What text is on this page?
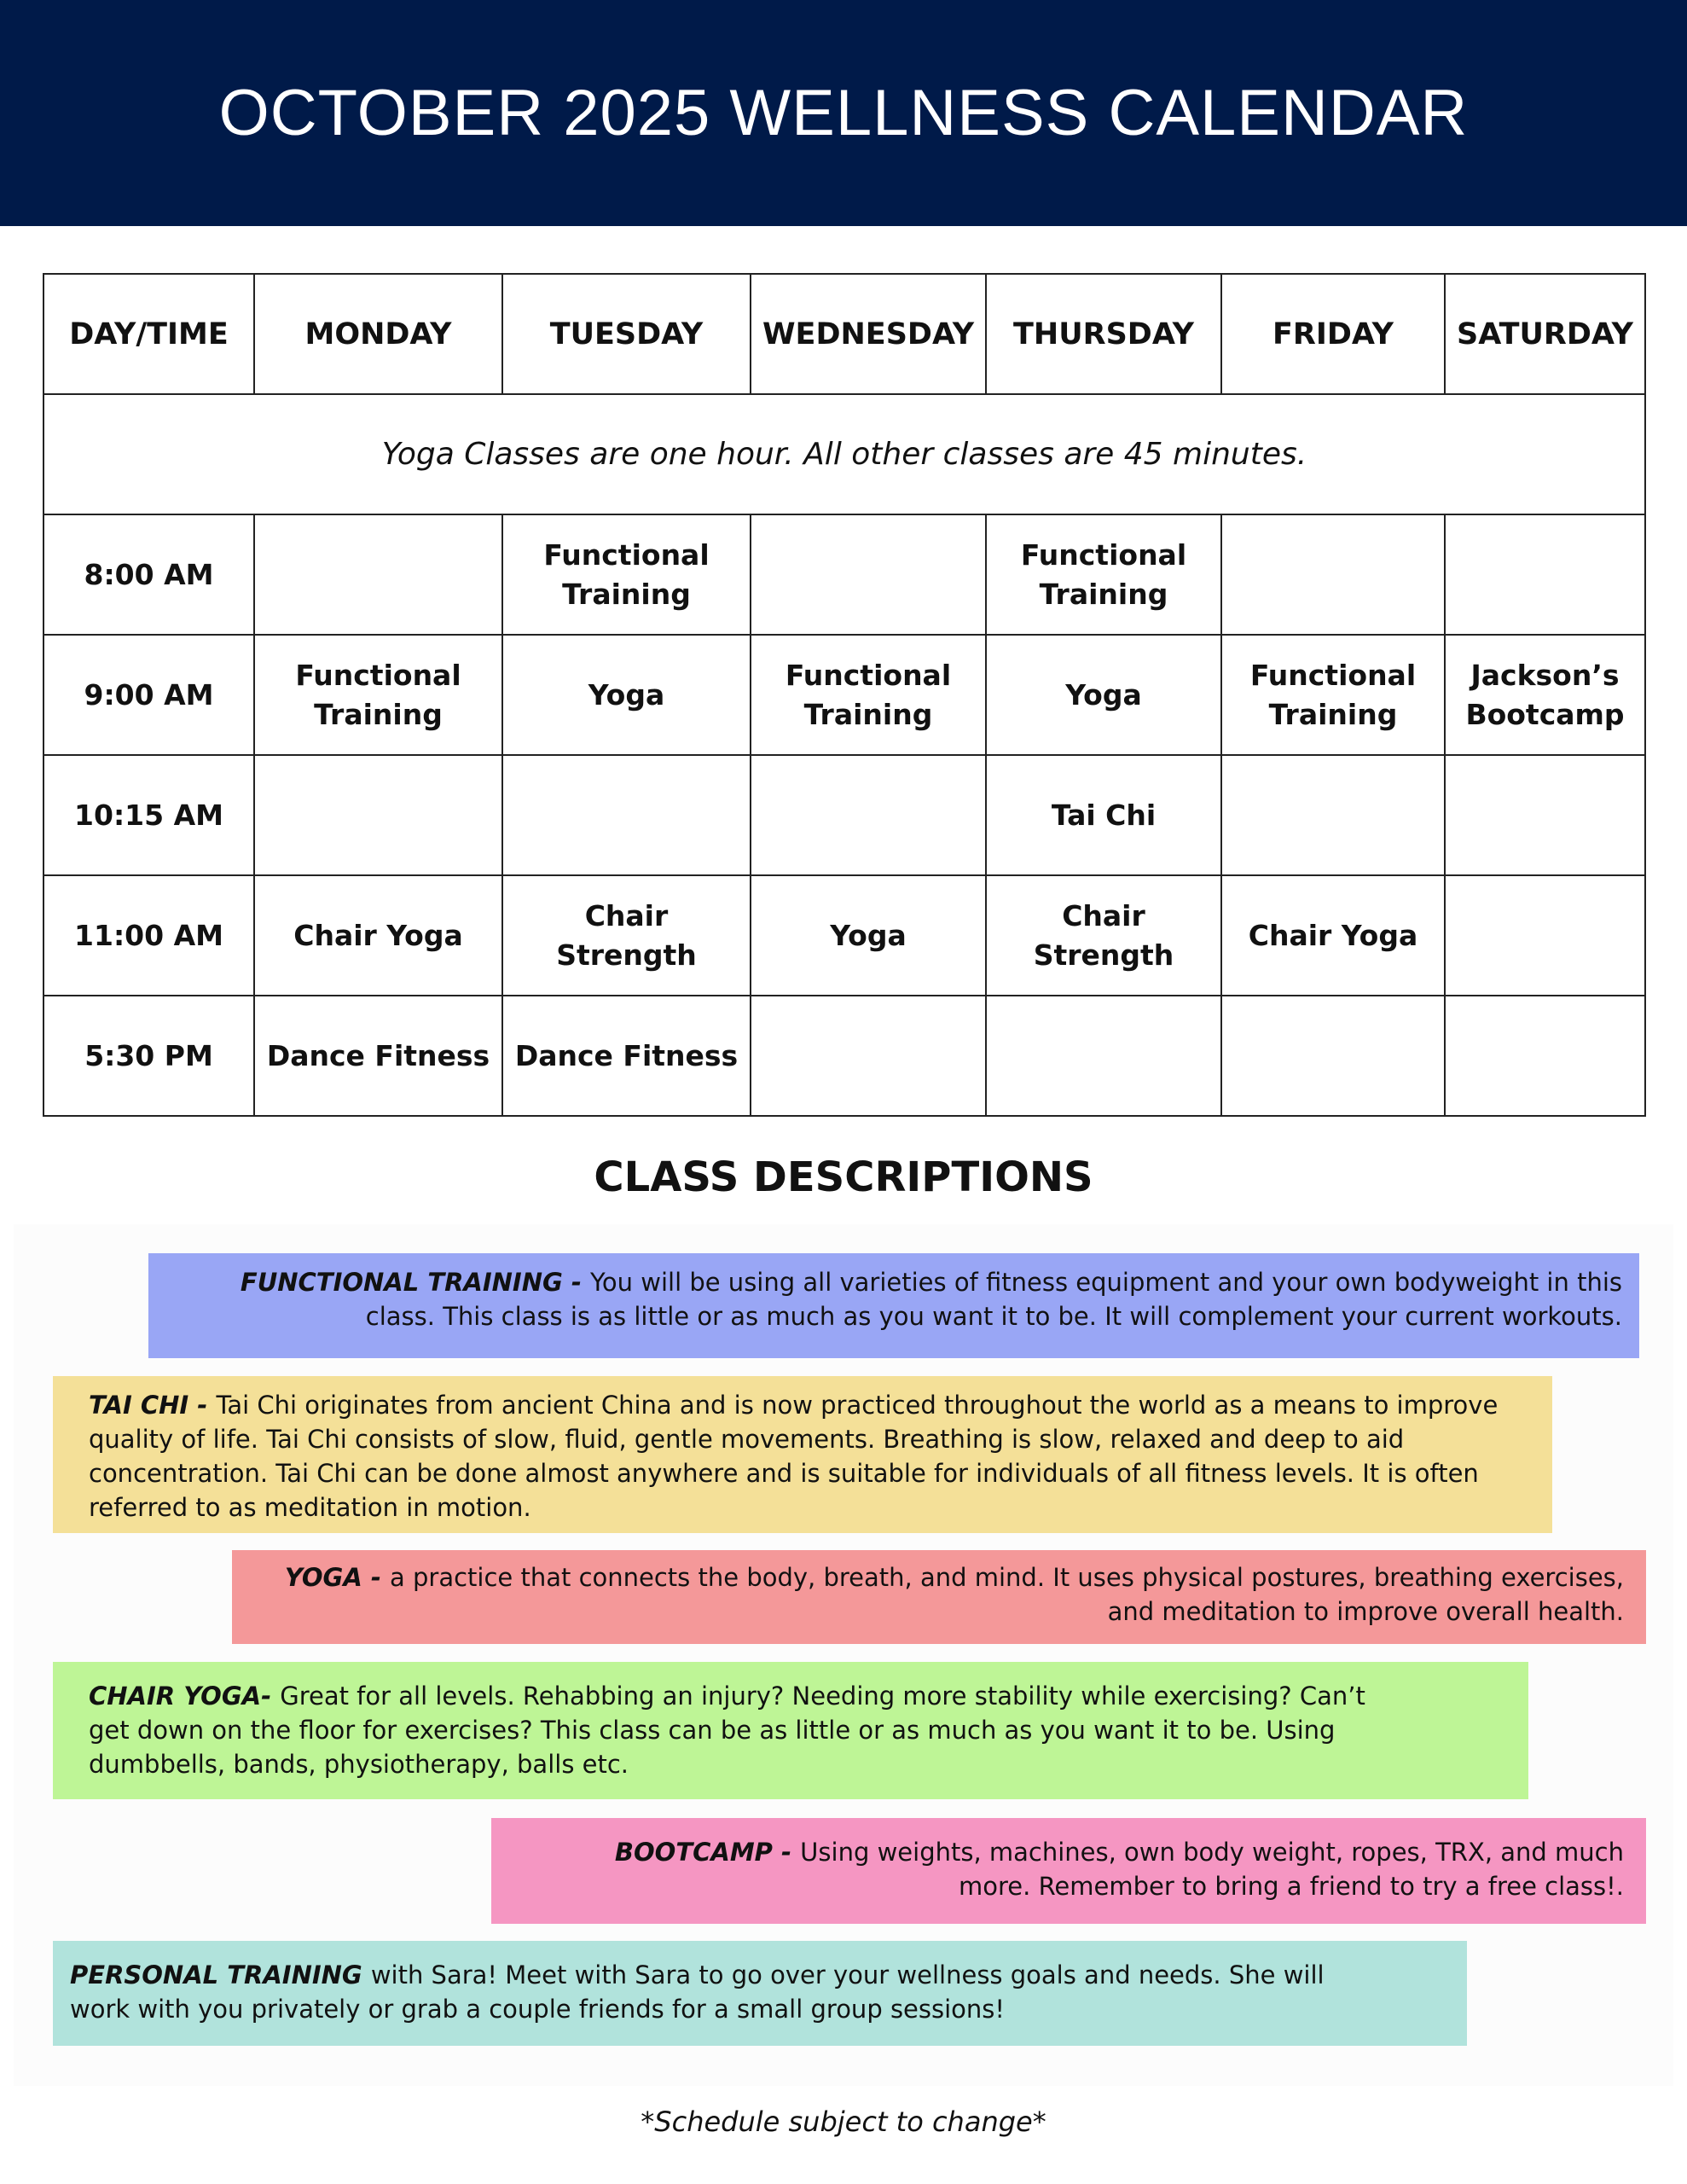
OCTOBER 2025 WELLNESS CALENDAR
DAY/TIME	MONDAY	TUESDAY	WEDNESDAY	THURSDAY	FRIDAY	SATURDAY
Yoga Classes are one hour. All other classes are 45 minutes.						
8:00 AM		Functional Training		Functional Training		
9:00 AM	Functional Training	Yoga	Functional Training	Yoga	Functional Training	Jackson’s Bootcamp
10:15 AM				Tai Chi		
11:00 AM	Chair Yoga	Chair Strength	Yoga	Chair Strength	Chair Yoga	
5:30 PM	Dance Fitness	Dance Fitness				
CLASS DESCRIPTIONS
FUNCTIONAL TRAINING - You will be using all varieties of fitness equipment and your own bodyweight in this class. This class is as little or as much as you want it to be. It will complement your current workouts.
TAI CHI - Tai Chi originates from ancient China and is now practiced throughout the world as a means to improve quality of life. Tai Chi consists of slow, fluid, gentle movements. Breathing is slow, relaxed and deep to aid concentration. Tai Chi can be done almost anywhere and is suitable for individuals of all fitness levels. It is often referred to as meditation in motion.
YOGA - a practice that connects the body, breath, and mind. It uses physical postures, breathing exercises, and meditation to improve overall health.
CHAIR YOGA- Great for all levels. Rehabbing an injury? Needing more stability while exercising? Can’t get down on the floor for exercises? This class can be as little or as much as you want it to be. Using dumbbells, bands, physiotherapy, balls etc.
BOOTCAMP - Using weights, machines, own body weight, ropes, TRX, and much more. Remember to bring a friend to try a free class!.
PERSONAL TRAINING with Sara! Meet with Sara to go over your wellness goals and needs. She will work with you privately or grab a couple friends for a small group sessions!
*Schedule subject to change*
